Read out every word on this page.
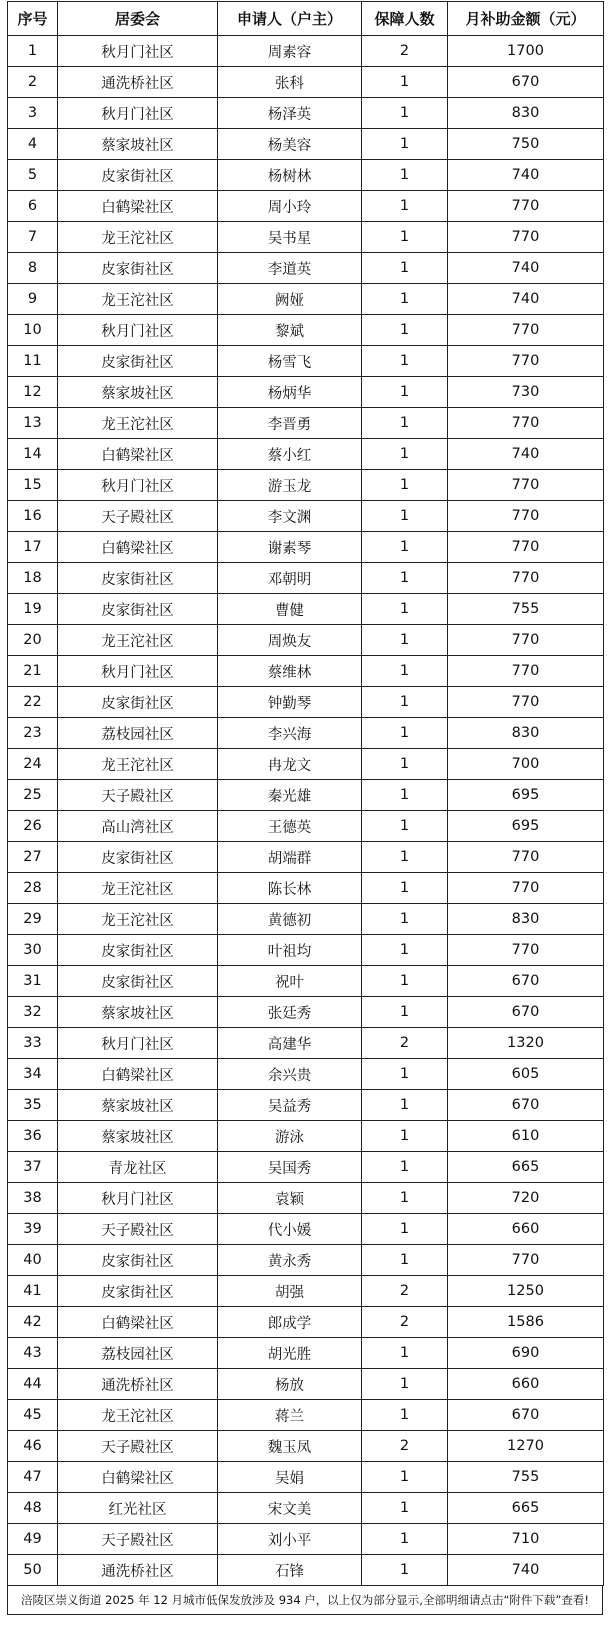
序号	居委会	申请人（户主）	保障人数	月补助金额（元）
1	秋月门社区	周素容	2	1700
2	通洗桥社区	张科	1	670
3	秋月门社区	杨泽英	1	830
4	蔡家坡社区	杨美容	1	750
5	皮家街社区	杨树林	1	740
6	白鹤梁社区	周小玲	1	770
7	龙王沱社区	吴书星	1	770
8	皮家街社区	李道英	1	740
9	龙王沱社区	阙娅	1	740
10	秋月门社区	黎斌	1	770
11	皮家街社区	杨雪飞	1	770
12	蔡家坡社区	杨炳华	1	730
13	龙王沱社区	李晋勇	1	770
14	白鹤梁社区	蔡小红	1	740
15	秋月门社区	游玉龙	1	770
16	天子殿社区	李文渊	1	770
17	白鹤梁社区	谢素琴	1	770
18	皮家街社区	邓朝明	1	770
19	皮家街社区	曹健	1	755
20	龙王沱社区	周焕友	1	770
21	秋月门社区	蔡维林	1	770
22	皮家街社区	钟勤琴	1	770
23	荔枝园社区	李兴海	1	830
24	龙王沱社区	冉龙文	1	700
25	天子殿社区	秦光雄	1	695
26	高山湾社区	王德英	1	695
27	皮家街社区	胡端群	1	770
28	龙王沱社区	陈长林	1	770
29	龙王沱社区	黄德初	1	830
30	皮家街社区	叶祖均	1	770
31	皮家街社区	祝叶	1	670
32	蔡家坡社区	张廷秀	1	670
33	秋月门社区	高建华	2	1320
34	白鹤梁社区	余兴贵	1	605
35	蔡家坡社区	吴益秀	1	670
36	蔡家坡社区	游泳	1	610
37	青龙社区	吴国秀	1	665
38	秋月门社区	袁颖	1	720
39	天子殿社区	代小媛	1	660
40	皮家街社区	黄永秀	1	770
41	皮家街社区	胡强	2	1250
42	白鹤梁社区	郎成学	2	1586
43	荔枝园社区	胡光胜	1	690
44	通洗桥社区	杨放	1	660
45	龙王沱社区	蒋兰	1	670
46	天子殿社区	魏玉凤	2	1270
47	白鹤梁社区	吴娟	1	755
48	红光社区	宋文美	1	665
49	天子殿社区	刘小平	1	710
50	通洗桥社区	石锋	1	740
涪陵区崇义街道 2025 年 12 月城市低保发放涉及 934 户，以上仅为部分显示,全部明细请点击“附件下载”查看!
